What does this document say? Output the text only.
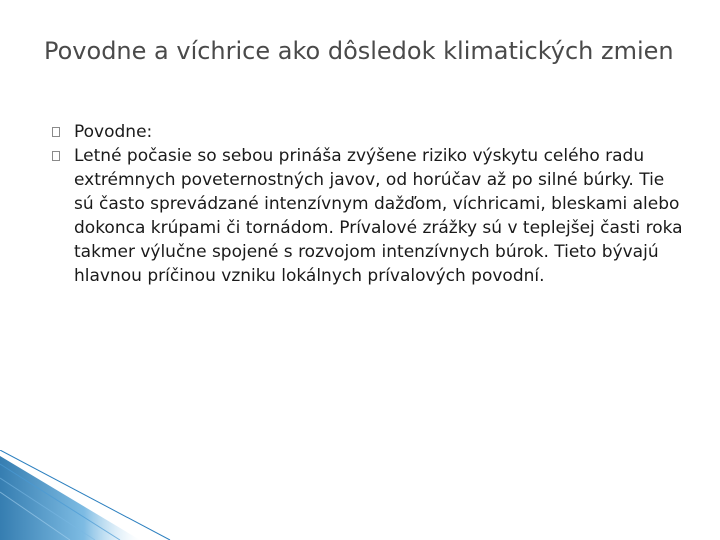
Povodne a víchrice ako dôsledok klimatických zmien
Povodne:
Letné počasie so sebou prináša zvýšene riziko výskytu celého radu extrémnych poveternostných javov, od horúčav až po silné búrky. Tie sú často sprevádzané intenzívnym dažďom, víchricami, bleskami alebo dokonca krúpami či tornádom. Prívalové zrážky sú v teplejšej časti roka takmer výlučne spojené s rozvojom intenzívnych búrok. Tieto bývajú hlavnou príčinou vzniku lokálnych prívalových povodní.
